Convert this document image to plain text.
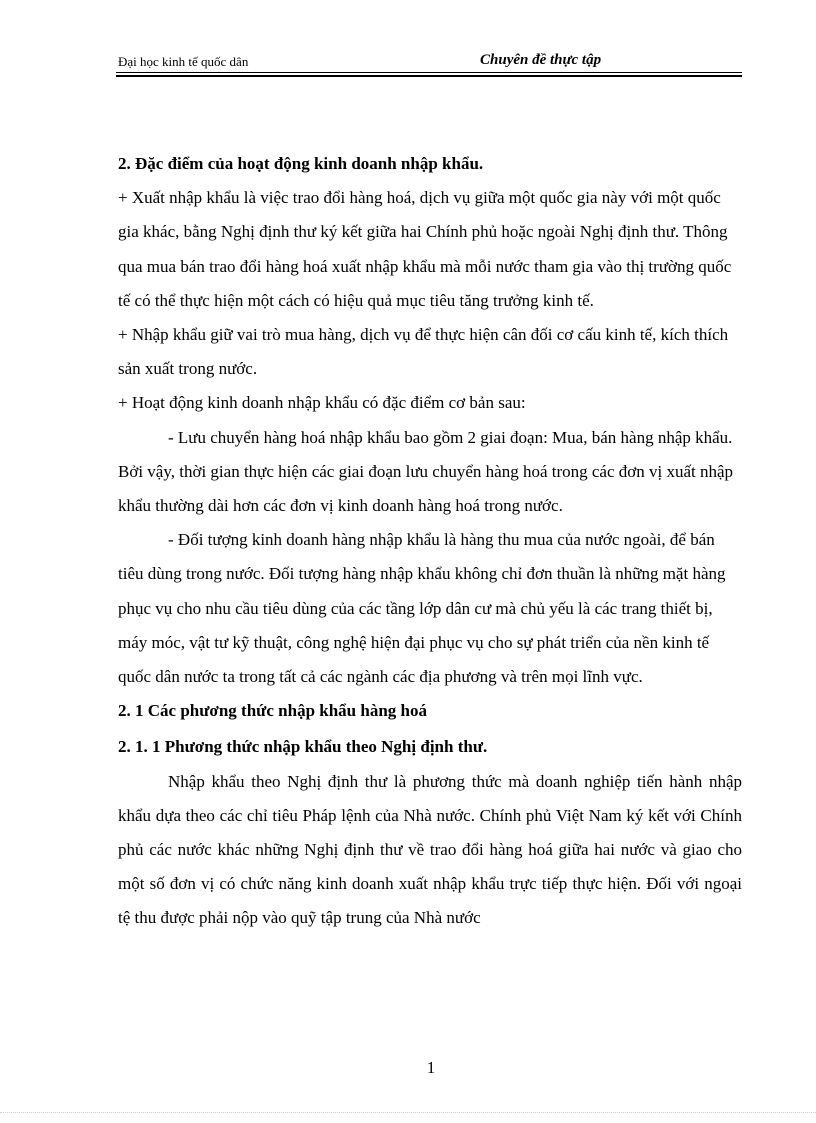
Đại học kinh tế quốc dân	Chuyên đề thực tập

2. Đặc điểm của hoạt động kinh doanh nhập khẩu.

+ Xuất nhập khẩu là việc trao đổi hàng hoá, dịch vụ giữa một quốc gia này với một quốc gia khác, bằng Nghị định thư ký kết giữa hai Chính phủ hoặc ngoài Nghị định thư. Thông qua mua bán trao đổi hàng hoá xuất nhập khẩu mà mỗi nước tham gia vào thị trường quốc tế có thể thực hiện một cách có hiệu quả mục tiêu tăng trưởng kinh tế.

+ Nhập khẩu giữ vai trò mua hàng, dịch vụ để thực hiện cân đối cơ cấu kinh tế, kích thích sản xuất trong nước.

+ Hoạt động kinh doanh nhập khẩu có đặc điểm cơ bản sau:

- Lưu chuyển hàng hoá nhập khẩu bao gồm 2 giai đoạn: Mua, bán hàng nhập khẩu. Bởi vậy, thời gian thực hiện các giai đoạn lưu chuyển hàng hoá trong các đơn vị xuất nhập khẩu thường dài hơn các đơn vị kinh doanh hàng hoá trong nước.

- Đối tượng kinh doanh hàng nhập khẩu là hàng thu mua của nước ngoài, để bán tiêu dùng trong nước. Đối tượng hàng nhập khẩu không chỉ đơn thuần là những mặt hàng phục vụ cho nhu cầu tiêu dùng của các tầng lớp dân cư mà chủ yếu là các trang thiết bị, máy móc, vật tư kỹ thuật, công nghệ hiện đại phục vụ cho sự phát triển của nền kinh tế quốc dân nước ta trong tất cả các ngành các địa phương và trên mọi lĩnh vực.

2. 1 Các phương thức nhập khẩu hàng hoá

2. 1. 1 Phương thức nhập khẩu theo Nghị định thư.

Nhập khẩu theo Nghị định thư là phương thức mà doanh nghiệp tiến hành nhập khẩu dựa theo các chỉ tiêu Pháp lệnh của Nhà nước. Chính phủ Việt Nam ký kết với Chính phủ các nước khác những Nghị định thư về trao đổi hàng hoá giữa hai nước và giao cho một số đơn vị có chức năng kinh doanh xuất nhập khẩu trực tiếp thực hiện. Đối với ngoại tệ thu được phải nộp vào quỹ tập trung của Nhà nước

1
